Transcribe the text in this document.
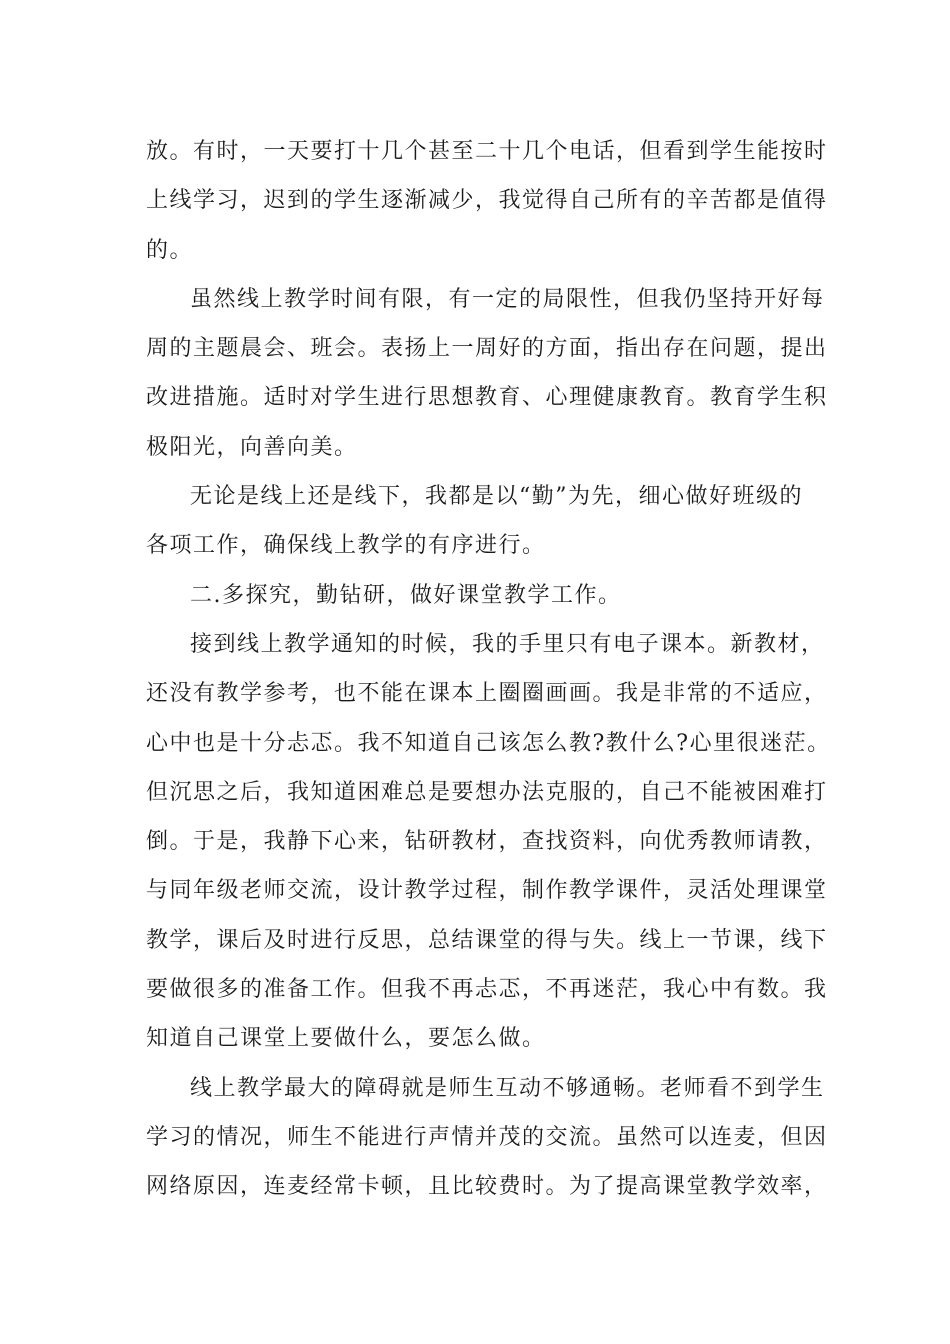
放。有时，一天要打十几个甚至二十几个电话，但看到学生能按时
上线学习，迟到的学生逐渐减少，我觉得自己所有的辛苦都是值得
的。
虽然线上教学时间有限，有一定的局限性，但我仍坚持开好每
周的主题晨会、班会。表扬上一周好的方面，指出存在问题，提出
改进措施。适时对学生进行思想教育、心理健康教育。教育学生积
极阳光，向善向美。
无论是线上还是线下，我都是以“勤”为先，细心做好班级的
各项工作，确保线上教学的有序进行。
二.多探究，勤钻研，做好课堂教学工作。
接到线上教学通知的时候，我的手里只有电子课本。新教材，
还没有教学参考，也不能在课本上圈圈画画。我是非常的不适应，
心中也是十分忐忑。我不知道自己该怎么教?教什么?心里很迷茫。
但沉思之后，我知道困难总是要想办法克服的，自己不能被困难打
倒。于是，我静下心来，钻研教材，查找资料，向优秀教师请教，
与同年级老师交流，设计教学过程，制作教学课件，灵活处理课堂
教学，课后及时进行反思，总结课堂的得与失。线上一节课，线下
要做很多的准备工作。但我不再忐忑，不再迷茫，我心中有数。我
知道自己课堂上要做什么，要怎么做。
线上教学最大的障碍就是师生互动不够通畅。老师看不到学生
学习的情况，师生不能进行声情并茂的交流。虽然可以连麦，但因
网络原因，连麦经常卡顿，且比较费时。为了提高课堂教学效率，
